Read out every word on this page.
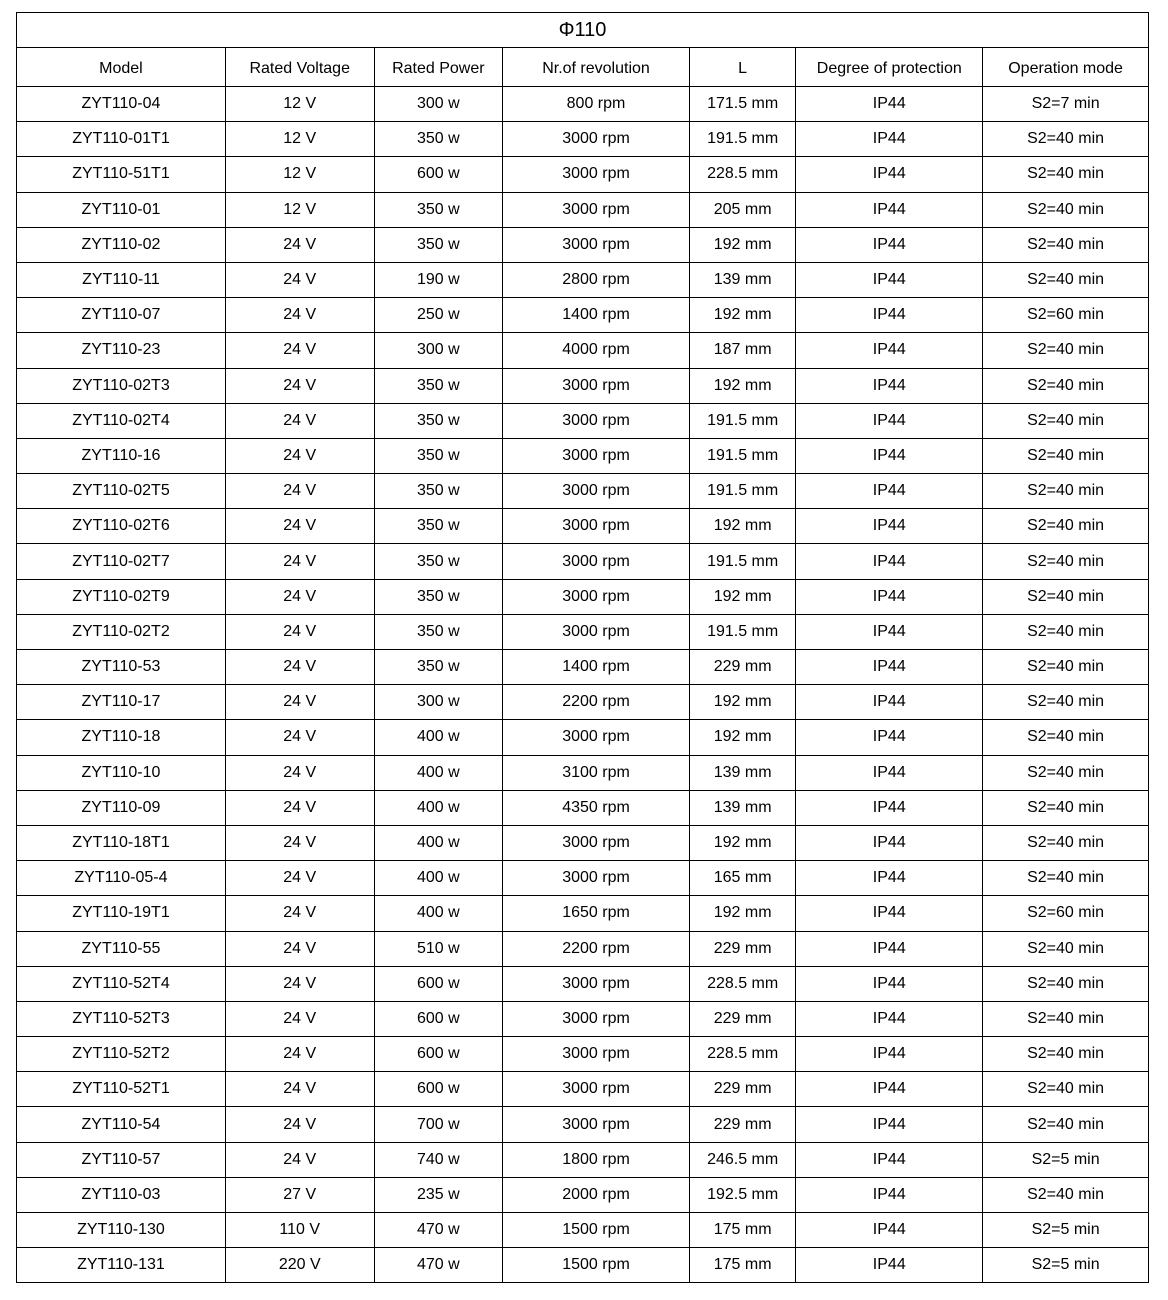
Φ110						
Model	Rated Voltage	Rated Power	Nr.of revolution	L	Degree of protection	Operation mode
ZYT110-04	12 V	300 w	800 rpm	171.5 mm	IP44	S2=7 min
ZYT110-01T1	12 V	350 w	3000 rpm	191.5 mm	IP44	S2=40 min
ZYT110-51T1	12 V	600 w	3000 rpm	228.5 mm	IP44	S2=40 min
ZYT110-01	12 V	350 w	3000 rpm	205 mm	IP44	S2=40 min
ZYT110-02	24 V	350 w	3000 rpm	192 mm	IP44	S2=40 min
ZYT110-11	24 V	190 w	2800 rpm	139 mm	IP44	S2=40 min
ZYT110-07	24 V	250 w	1400 rpm	192 mm	IP44	S2=60 min
ZYT110-23	24 V	300 w	4000 rpm	187 mm	IP44	S2=40 min
ZYT110-02T3	24 V	350 w	3000 rpm	192 mm	IP44	S2=40 min
ZYT110-02T4	24 V	350 w	3000 rpm	191.5 mm	IP44	S2=40 min
ZYT110-16	24 V	350 w	3000 rpm	191.5 mm	IP44	S2=40 min
ZYT110-02T5	24 V	350 w	3000 rpm	191.5 mm	IP44	S2=40 min
ZYT110-02T6	24 V	350 w	3000 rpm	192 mm	IP44	S2=40 min
ZYT110-02T7	24 V	350 w	3000 rpm	191.5 mm	IP44	S2=40 min
ZYT110-02T9	24 V	350 w	3000 rpm	192 mm	IP44	S2=40 min
ZYT110-02T2	24 V	350 w	3000 rpm	191.5 mm	IP44	S2=40 min
ZYT110-53	24 V	350 w	1400 rpm	229 mm	IP44	S2=40 min
ZYT110-17	24 V	300 w	2200 rpm	192 mm	IP44	S2=40 min
ZYT110-18	24 V	400 w	3000 rpm	192 mm	IP44	S2=40 min
ZYT110-10	24 V	400 w	3100 rpm	139 mm	IP44	S2=40 min
ZYT110-09	24 V	400 w	4350 rpm	139 mm	IP44	S2=40 min
ZYT110-18T1	24 V	400 w	3000 rpm	192 mm	IP44	S2=40 min
ZYT110-05-4	24 V	400 w	3000 rpm	165 mm	IP44	S2=40 min
ZYT110-19T1	24 V	400 w	1650 rpm	192 mm	IP44	S2=60 min
ZYT110-55	24 V	510 w	2200 rpm	229 mm	IP44	S2=40 min
ZYT110-52T4	24 V	600 w	3000 rpm	228.5 mm	IP44	S2=40 min
ZYT110-52T3	24 V	600 w	3000 rpm	229 mm	IP44	S2=40 min
ZYT110-52T2	24 V	600 w	3000 rpm	228.5 mm	IP44	S2=40 min
ZYT110-52T1	24 V	600 w	3000 rpm	229 mm	IP44	S2=40 min
ZYT110-54	24 V	700 w	3000 rpm	229 mm	IP44	S2=40 min
ZYT110-57	24 V	740 w	1800 rpm	246.5 mm	IP44	S2=5 min
ZYT110-03	27 V	235 w	2000 rpm	192.5 mm	IP44	S2=40 min
ZYT110-130	110 V	470 w	1500 rpm	175 mm	IP44	S2=5 min
ZYT110-131	220 V	470 w	1500 rpm	175 mm	IP44	S2=5 min
